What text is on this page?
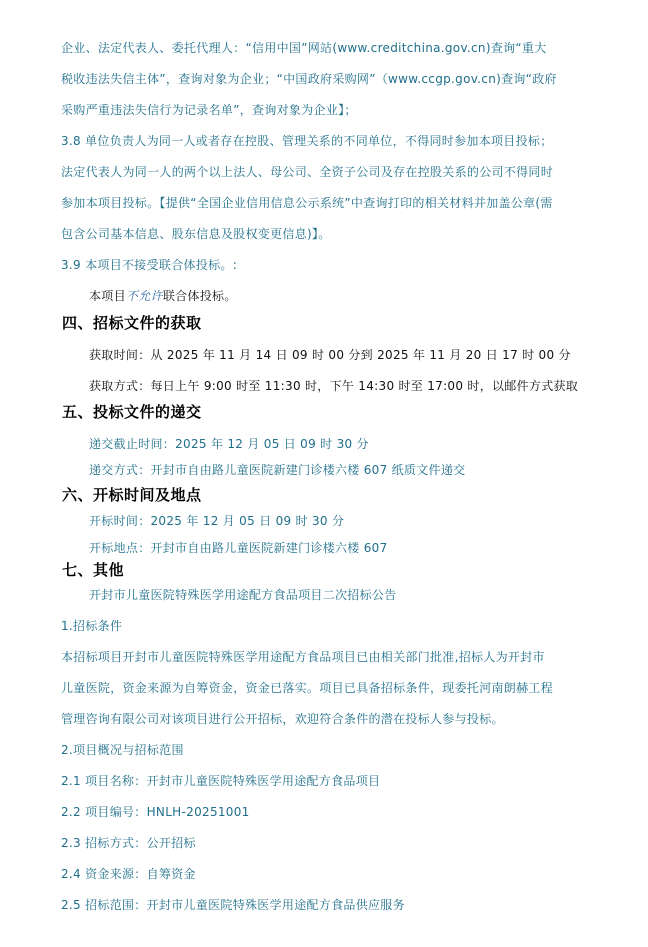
企业、法定代表人、委托代理人：“信用中国”网站(www.creditchina.gov.cn)查询“重大
税收违法失信主体”，查询对象为企业；“中国政府采购网”（www.ccgp.gov.cn)查询“政府
采购严重违法失信行为记录名单”，查询对象为企业】；
3.8 单位负责人为同一人或者存在控股、管理关系的不同单位，不得同时参加本项目投标；
法定代表人为同一人的两个以上法人、母公司、全资子公司及存在控股关系的公司不得同时
参加本项目投标。【提供“全国企业信用信息公示系统”中查询打印的相关材料并加盖公章(需
包含公司基本信息、股东信息及股权变更信息)】。
3.9 本项目不接受联合体投标。:
本项目不允许联合体投标。
四、招标文件的获取
获取时间：从 2025 年 11 月 14 日 09 时 00 分到 2025 年 11 月 20 日 17 时 00 分
获取方式：每日上午 9:00 时至 11:30 时，下午 14:30 时至 17:00 时，以邮件方式获取
五、投标文件的递交
递交截止时间：2025 年 12 月 05 日 09 时 30 分
递交方式：开封市自由路儿童医院新建门诊楼六楼 607 纸质文件递交
六、开标时间及地点
开标时间：2025 年 12 月 05 日 09 时 30 分
开标地点：开封市自由路儿童医院新建门诊楼六楼 607
七、其他
开封市儿童医院特殊医学用途配方食品项目二次招标公告
1.招标条件
本招标项目开封市儿童医院特殊医学用途配方食品项目已由相关部门批准,招标人为开封市
儿童医院，资金来源为自筹资金，资金已落实。项目已具备招标条件，现委托河南朗赫工程
管理咨询有限公司对该项目进行公开招标，欢迎符合条件的潜在投标人参与投标。
2.项目概况与招标范围
2.1 项目名称：开封市儿童医院特殊医学用途配方食品项目
2.2 项目编号：HNLH-20251001
2.3 招标方式：公开招标
2.4 资金来源：自筹资金
2.5 招标范围：开封市儿童医院特殊医学用途配方食品供应服务
